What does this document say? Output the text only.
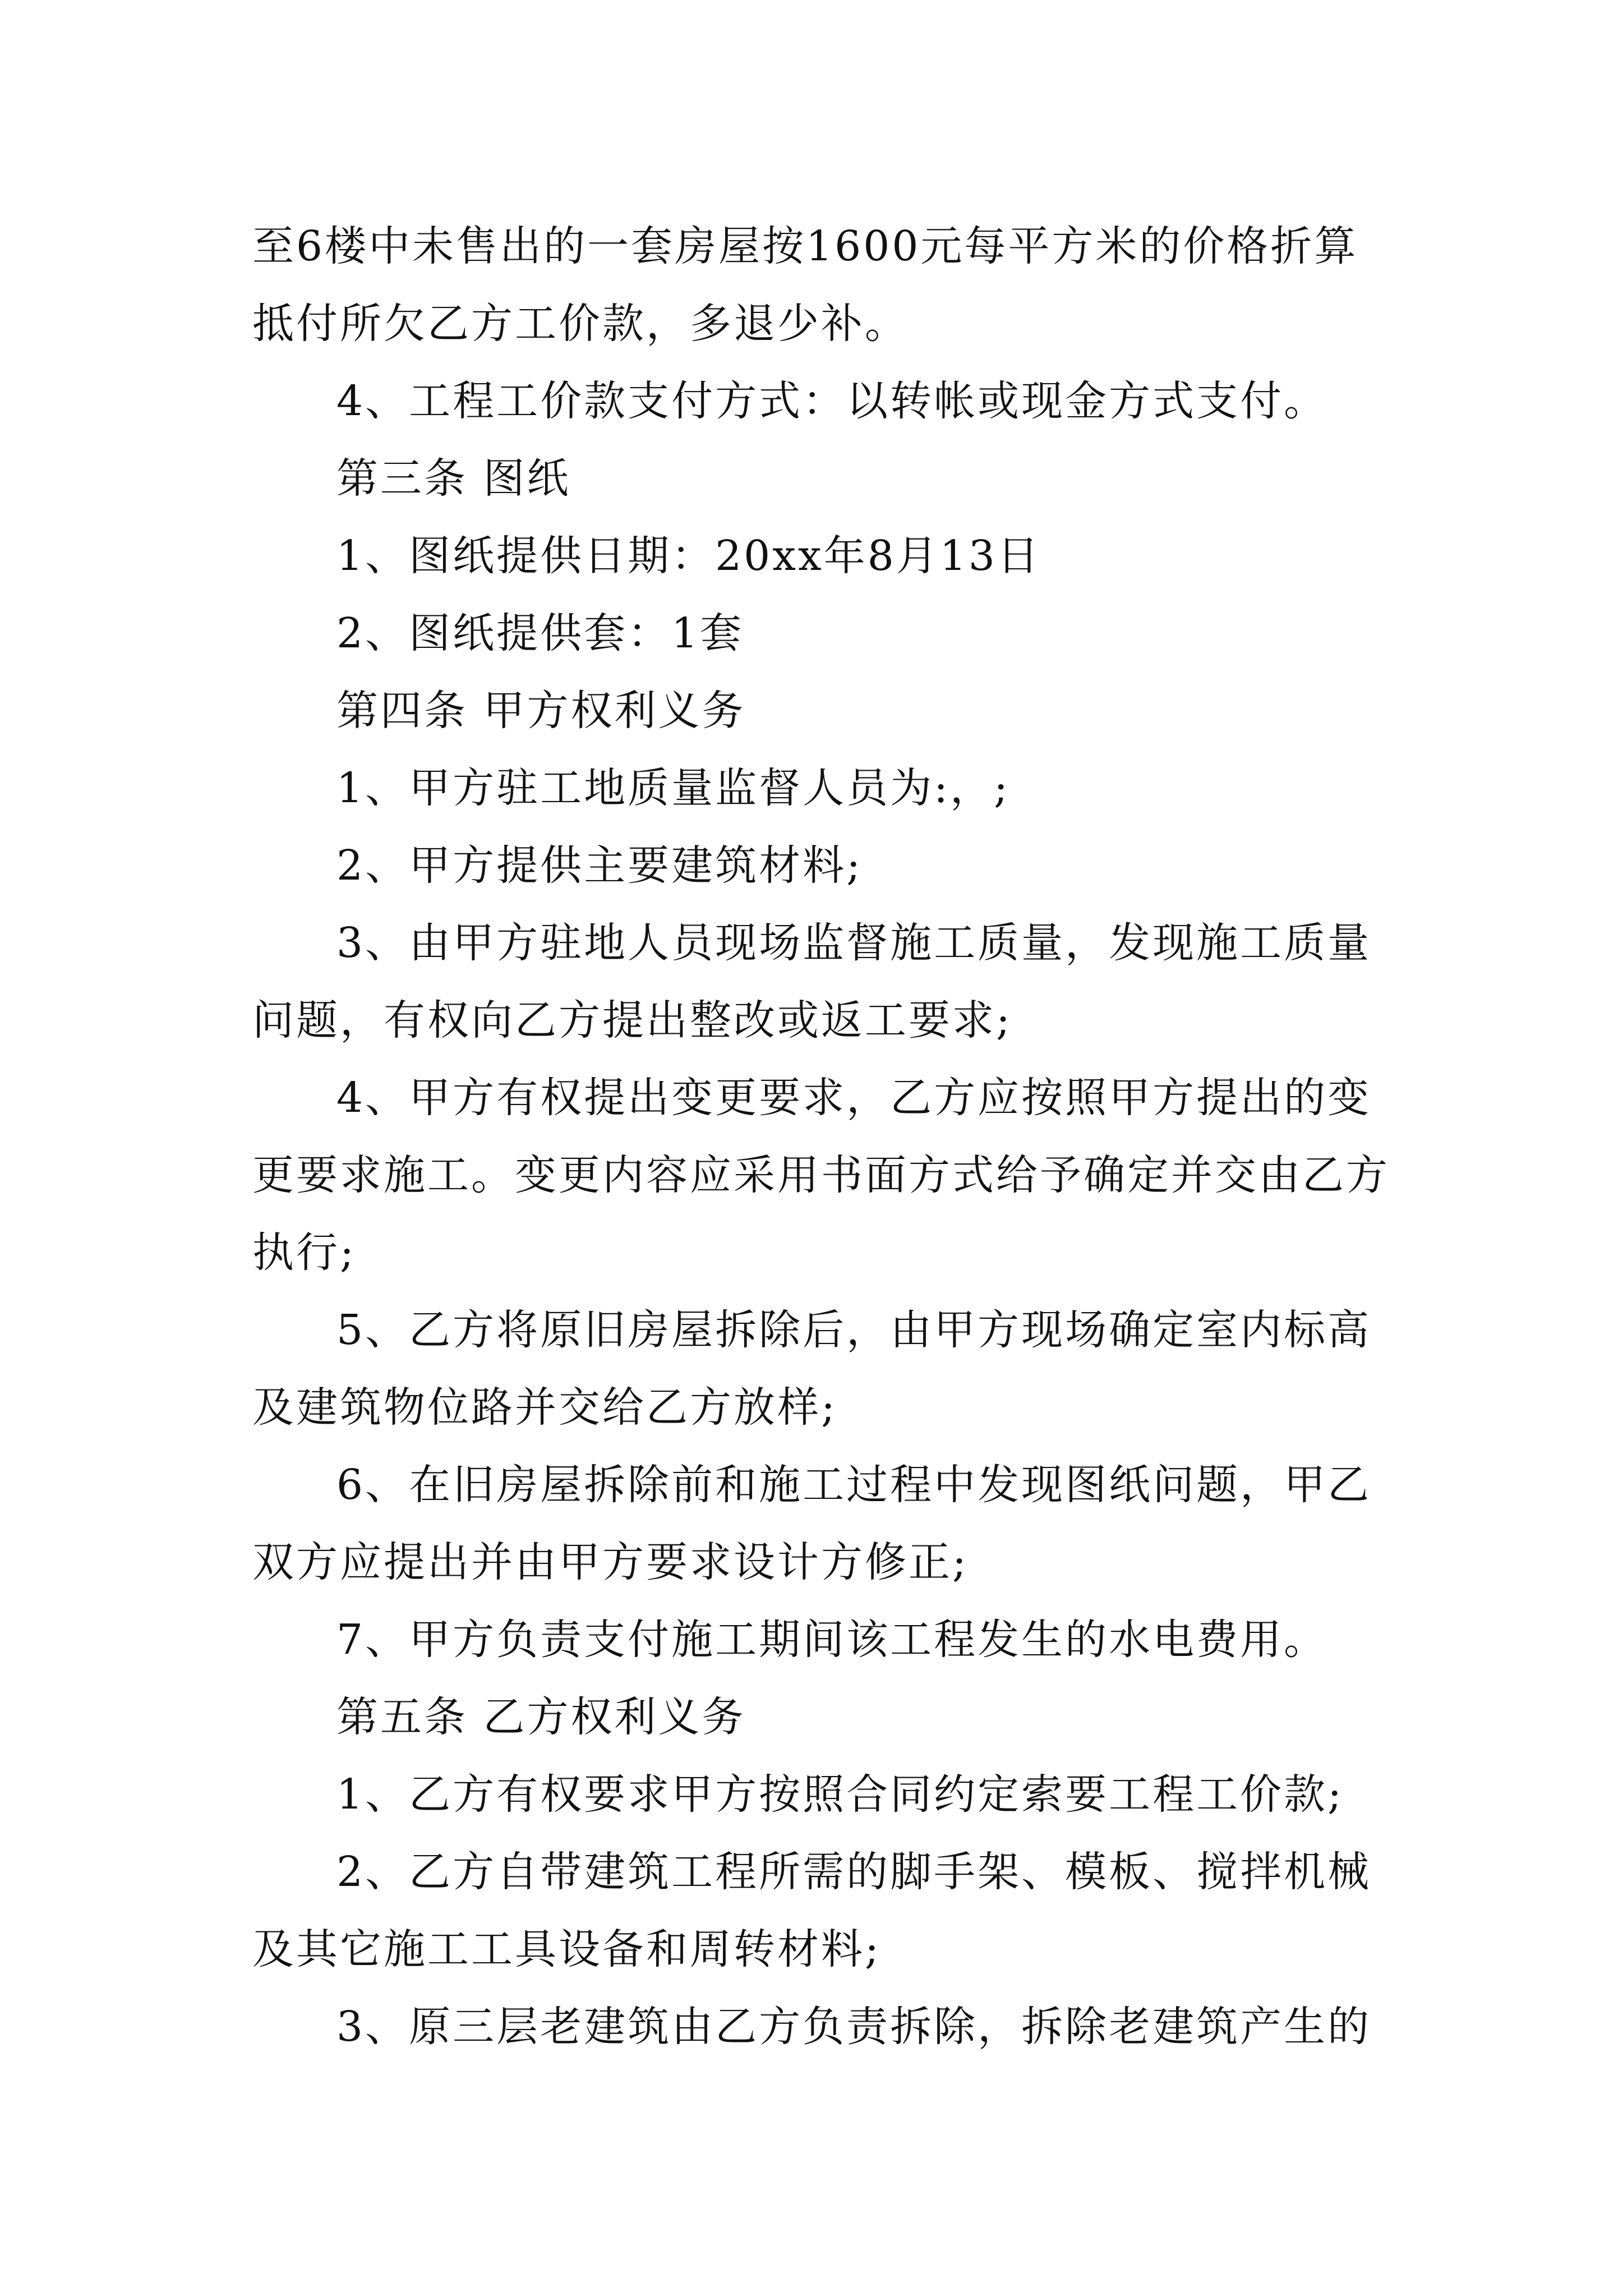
至6楼中未售出的一套房屋按1600元每平方米的价格折算
抵付所欠乙方工价款，多退少补。
4、工程工价款支付方式：以转帐或现金方式支付。
第三条 图纸
1、图纸提供日期：20xx年8月13日
2、图纸提供套：1套
第四条 甲方权利义务
1、甲方驻工地质量监督人员为:，;
2、甲方提供主要建筑材料;
3、由甲方驻地人员现场监督施工质量，发现施工质量
问题，有权向乙方提出整改或返工要求;
4、甲方有权提出变更要求，乙方应按照甲方提出的变
更要求施工。变更内容应采用书面方式给予确定并交由乙方
执行;
5、乙方将原旧房屋拆除后，由甲方现场确定室内标高
及建筑物位路并交给乙方放样;
6、在旧房屋拆除前和施工过程中发现图纸问题，甲乙
双方应提出并由甲方要求设计方修正;
7、甲方负责支付施工期间该工程发生的水电费用。
第五条 乙方权利义务
1、乙方有权要求甲方按照合同约定索要工程工价款;
2、乙方自带建筑工程所需的脚手架、模板、搅拌机械
及其它施工工具设备和周转材料;
3、原三层老建筑由乙方负责拆除，拆除老建筑产生的
